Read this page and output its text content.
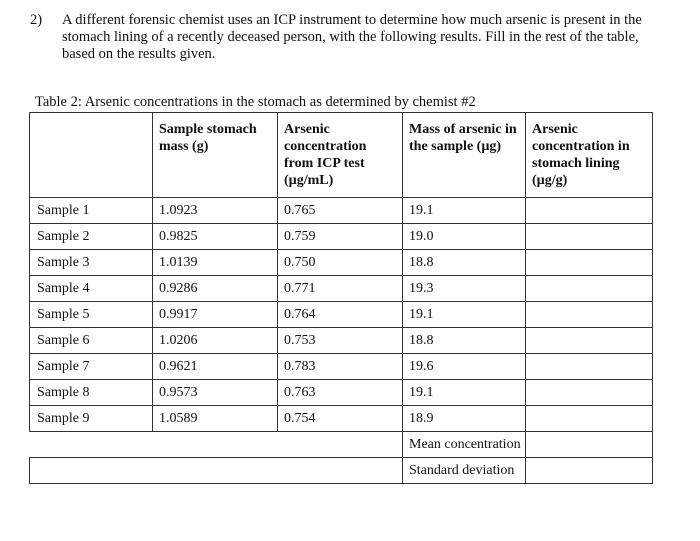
2) A different forensic chemist uses an ICP instrument to determine how much arsenic is present in the stomach lining of a recently deceased person, with the following results. Fill in the rest of the table, based on the results given.
Table 2: Arsenic concentrations in the stomach as determined by chemist #2
	Sample stomach mass (g)	Arsenic concentration from ICP test (µg/mL)	Mass of arsenic in the sample (µg)	Arsenic concentration in stomach lining (µg/g)
Sample 1	1.0923	0.765	19.1	
Sample 2	0.9825	0.759	19.0	
Sample 3	1.0139	0.750	18.8	
Sample 4	0.9286	0.771	19.3	
Sample 5	0.9917	0.764	19.1	
Sample 6	1.0206	0.753	18.8	
Sample 7	0.9621	0.783	19.6	
Sample 8	0.9573	0.763	19.1	
Sample 9	1.0589	0.754	18.9	
			Mean concentration	
			Standard deviation	
